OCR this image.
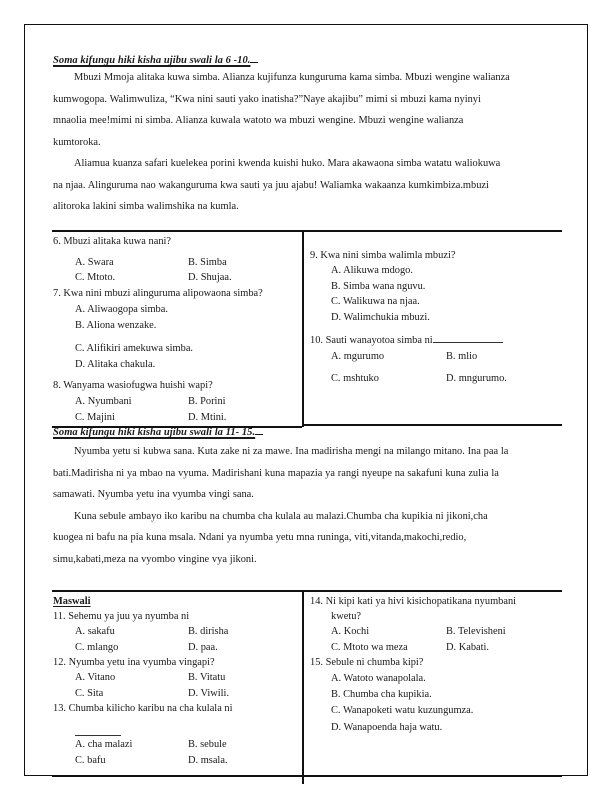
Soma kifungu hiki kisha ujibu swali la 6 -10.
Mbuzi Mmoja alitaka kuwa simba. Alianza kujifunza kunguruma kama simba. Mbuzi wengine walianza
kumwogopa. Walimwuliza, “Kwa nini sauti yako inatisha?”Naye akajibu” mimi si mbuzi kama nyinyi
mnaolia mee!mimi ni simba. Alianza kuwala watoto wa mbuzi wengine. Mbuzi wengine walianza
kumtoroka.
Aliamua kuanza safari kuelekea porini kwenda kuishi huko. Mara akawaona simba watatu waliokuwa
na njaa. Alinguruma nao wakanguruma kwa sauti ya juu ajabu! Waliamka wakaanza kumkimbiza.mbuzi
alitoroka lakini simba walimshika na kumla.
6. Mbuzi alitaka kuwa nani?
A. Swara	B. Simba
C. Mtoto.	D. Shujaa.
7. Kwa nini mbuzi alinguruma alipowaona simba?
A. Aliwaogopa simba.
B. Aliona wenzake.
C. Alifikiri amekuwa simba.
D. Alitaka chakula.
8. Wanyama wasiofugwa huishi wapi?
A. Nyumbani	B. Porini
C. Majini	D. Mtini.
9. Kwa nini simba walimla mbuzi?
A. Alikuwa mdogo.
B. Simba wana nguvu.
C. Walikuwa na njaa.
D. Walimchukia mbuzi.
10. Sauti wanayotoa simba ni
A. mgurumo	B. mlio
C. mshtuko	D. mngurumo.
Soma kifungu hiki kisha ujibu swali la 11- 15.
Nyumba yetu si kubwa sana. Kuta zake ni za mawe. Ina madirisha mengi na milango mitano. Ina paa la
bati.Madirisha ni ya mbao na vyuma. Madirishani kuna mapazia ya rangi nyeupe na sakafuni kuna zulia la
samawati. Nyumba yetu ina vyumba vingi sana.
Kuna sebule ambayo iko karibu na chumba cha kulala au malazi.Chumba cha kupikia ni jikoni,cha
kuogea ni bafu na pia kuna msala. Ndani ya nyumba yetu mna runinga, viti,vitanda,makochi,redio,
simu,kabati,meza na vyombo vingine vya jikoni.
Maswali
11. Sehemu ya juu ya nyumba ni
A. sakafu	B. dirisha
C. mlango	D. paa.
12. Nyumba yetu ina vyumba vingapi?
A. Vitano	B. Vitatu
C. Sita	D. Viwili.
13. Chumba kilicho karibu na cha kulala ni
A. cha malazi	B. sebule
C. bafu	D. msala.
14. Ni kipi kati ya hivi kisichopatikana nyumbani
kwetu?
A. Kochi	B. Televisheni
C. Mtoto wa meza	D. Kabati.
15. Sebule ni chumba kipi?
A. Watoto wanapolala.
B. Chumba cha kupikia.
C. Wanapoketi watu kuzungumza.
D. Wanapoenda haja watu.
